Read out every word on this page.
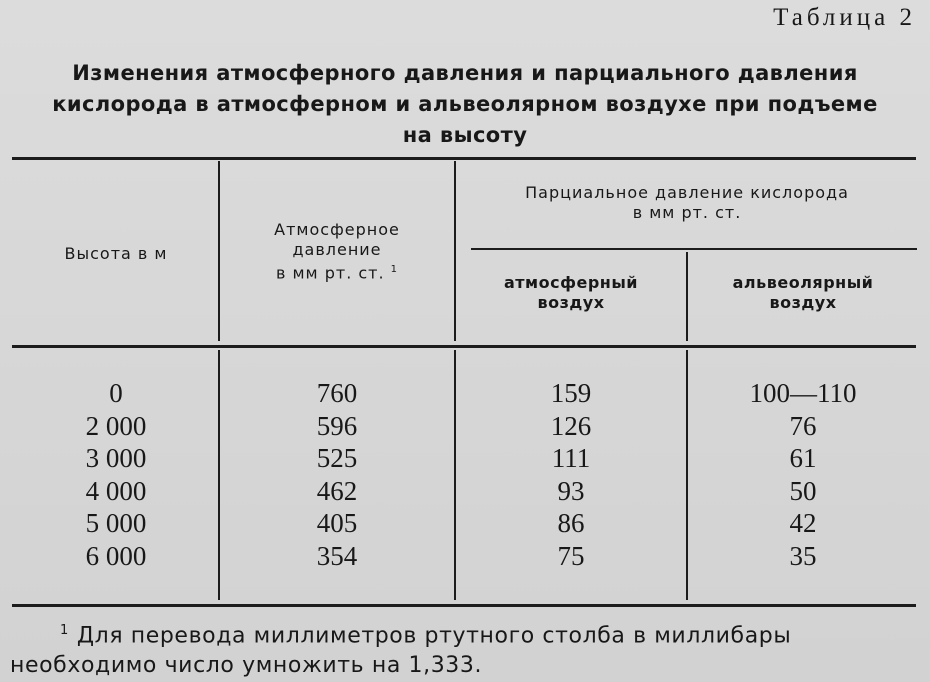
Таблица 2
Изменения атмосферного давления и парциального давления
кислорода в атмосферном и альвеолярном воздухе при подъеме
на высоту
Высота в м
Атмосферное
давление
в мм рт. ст. $^1$
Парциальное давление кислорода
в мм рт. ст.
атмосферный
воздух
альвеолярный
воздух
0
2 000
3 000
4 000
5 000
6 000
760
596
525
462
405
354
159
126
111
93
86
75
100—110
76
61
50
42
35
$^1$ Для перевода миллиметров ртутного столба в миллибары
необходимо число умножить на 1,333.
